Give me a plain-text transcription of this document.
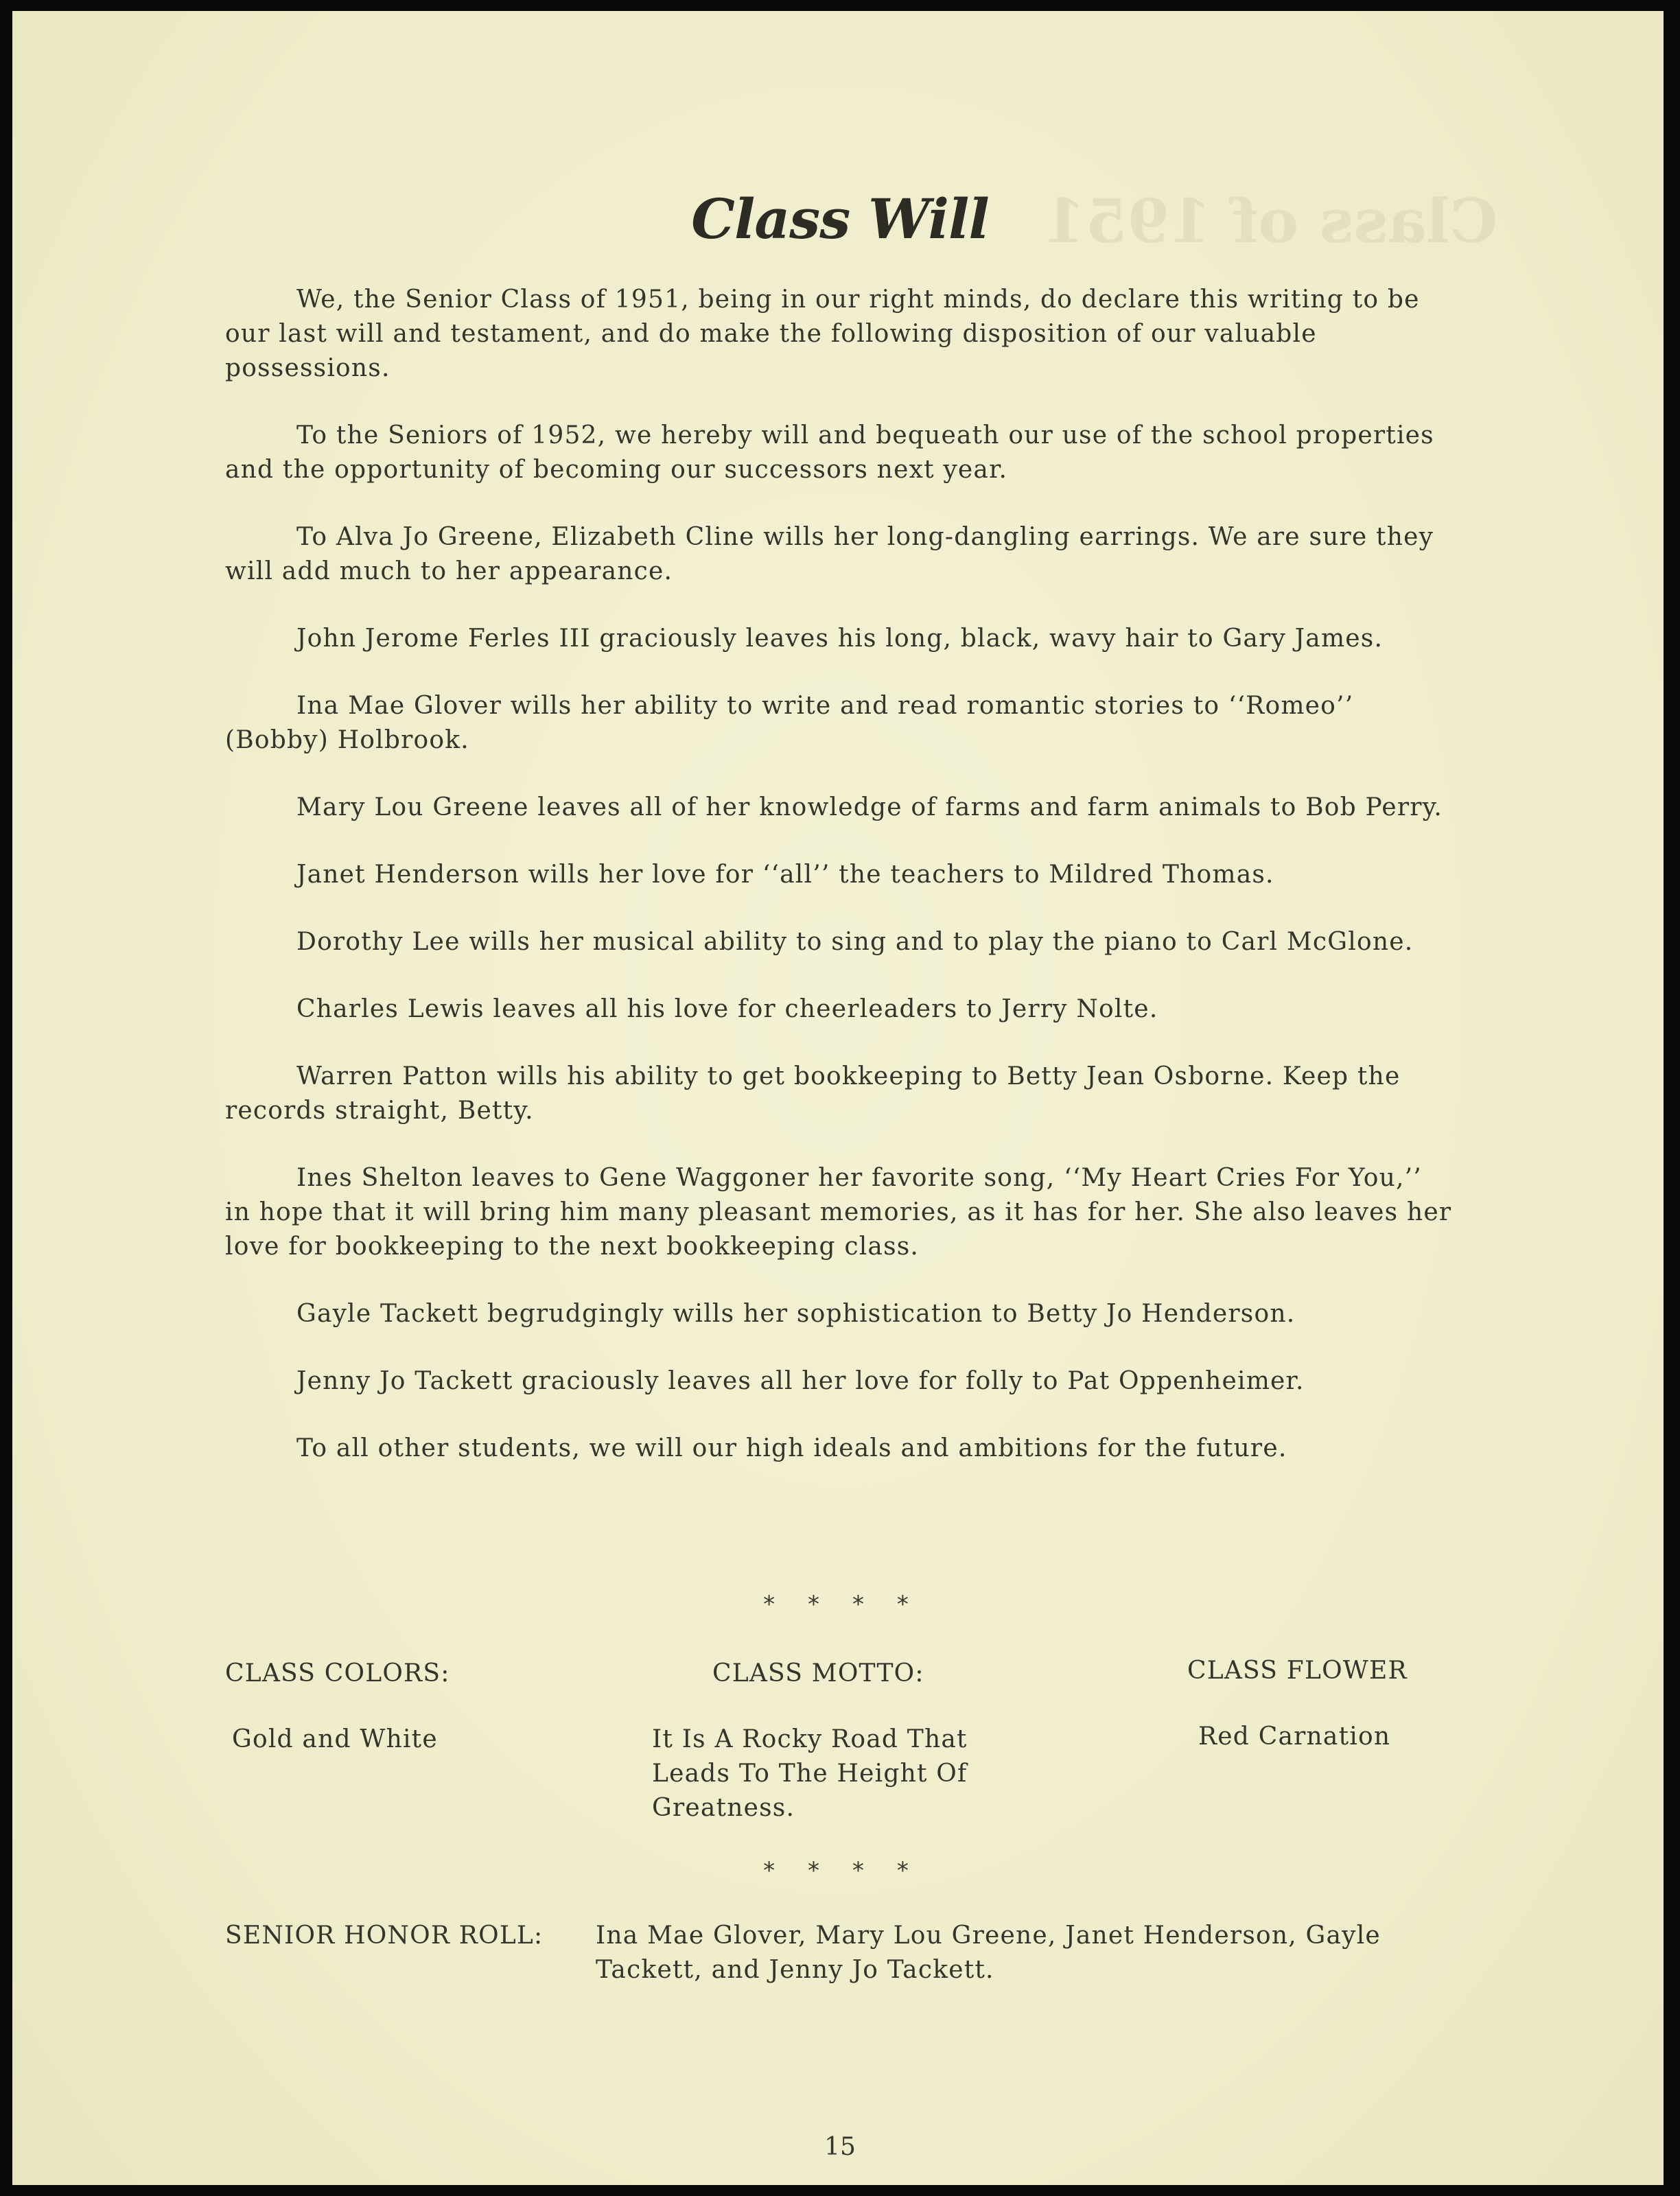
Class of 1951
Class Will

We, the Senior Class of 1951, being in our right minds, do declare this writing to be our last will and testament, and do make the following disposition of our valuable possessions.

To the Seniors of 1952, we hereby will and bequeath our use of the school properties and the opportunity of becoming our successors next year.

To Alva Jo Greene, Elizabeth Cline wills her long-dangling earrings. We are sure they will add much to her appearance.

John Jerome Ferles III graciously leaves his long, black, wavy hair to Gary James.

Ina Mae Glover wills her ability to write and read romantic stories to ‘‘Romeo’’ (Bobby) Holbrook.

Mary Lou Greene leaves all of her knowledge of farms and farm animals to Bob Perry.

Janet Henderson wills her love for ‘‘all’’ the teachers to Mildred Thomas.

Dorothy Lee wills her musical ability to sing and to play the piano to Carl McGlone.

Charles Lewis leaves all his love for cheerleaders to Jerry Nolte.

Warren Patton wills his ability to get bookkeeping to Betty Jean Osborne. Keep the records straight, Betty.

Ines Shelton leaves to Gene Waggoner her favorite song, ‘‘My Heart Cries For You,’’ in hope that it will bring him many pleasant memories, as it has for her. She also leaves her love for bookkeeping to the next bookkeeping class.

Gayle Tackett begrudgingly wills her sophistication to Betty Jo Henderson.

Jenny Jo Tackett graciously leaves all her love for folly to Pat Oppenheimer.

To all other students, we will our high ideals and ambitions for the future.

* * * *
CLASS COLORS:
Gold and White
CLASS MOTTO:
It Is A Rocky Road That Leads To The Height Of Greatness.
CLASS FLOWER
Red Carnation
* * * *
SENIOR HONOR ROLL:	Ina Mae Glover, Mary Lou Greene, Janet Henderson, Gayle Tackett, and Jenny Jo Tackett.
15
